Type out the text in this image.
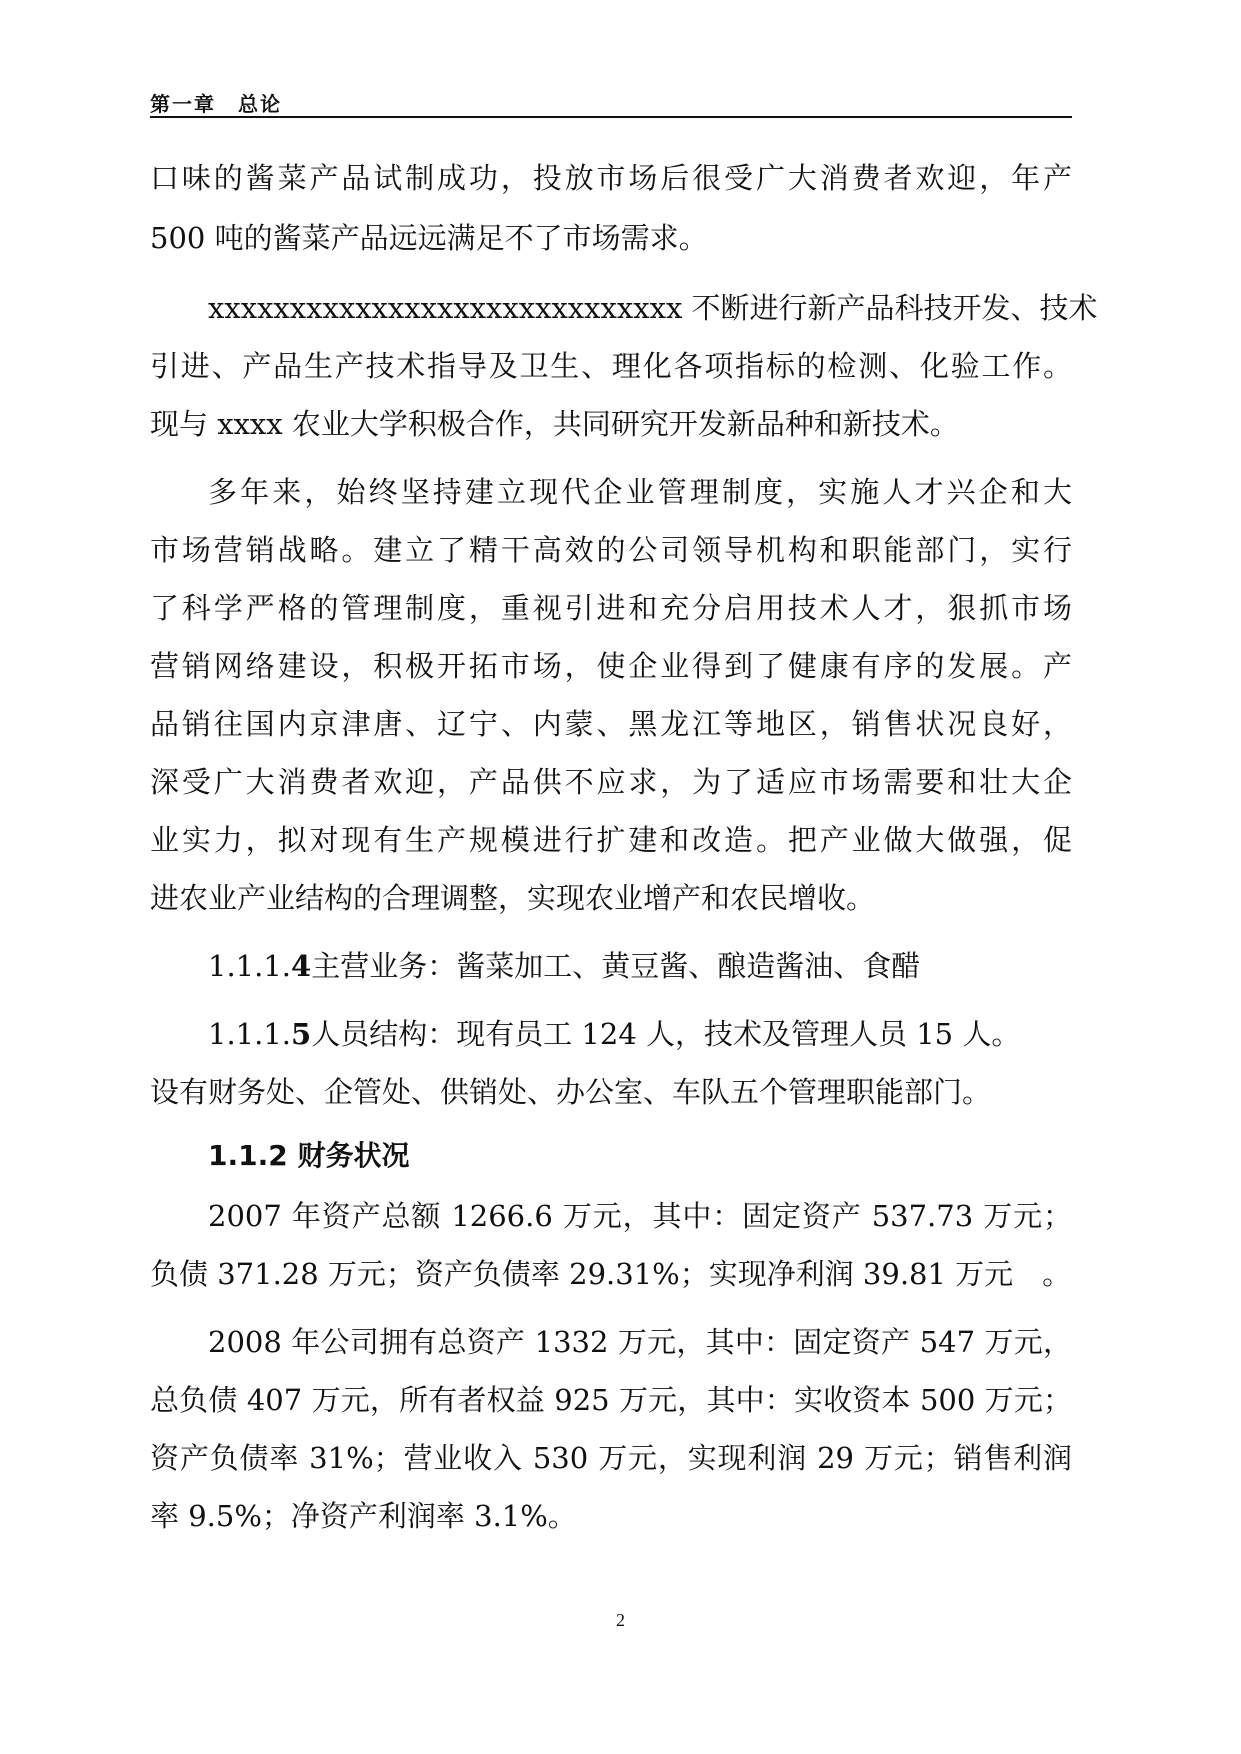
第一章　总论
口味的酱菜产品试制成功，投放市场后很受广大消费者欢迎，年产
500 吨的酱菜产品远远满足不了市场需求。
xxxxxxxxxxxxxxxxxxxxxxxxxxxxx 不断进行新产品科技开发、技术
引进、产品生产技术指导及卫生、理化各项指标的检测、化验工作。
现与 xxxx 农业大学积极合作，共同研究开发新品种和新技术。
多年来，始终坚持建立现代企业管理制度，实施人才兴企和大
市场营销战略。建立了精干高效的公司领导机构和职能部门，实行
了科学严格的管理制度，重视引进和充分启用技术人才，狠抓市场
营销网络建设，积极开拓市场，使企业得到了健康有序的发展。产
品销往国内京津唐、辽宁、内蒙、黑龙江等地区，销售状况良好，
深受广大消费者欢迎，产品供不应求，为了适应市场需要和壮大企
业实力，拟对现有生产规模进行扩建和改造。把产业做大做强，促
进农业产业结构的合理调整，实现农业增产和农民增收。
1.1.1.4主营业务：酱菜加工、黄豆酱、酿造酱油、食醋
1.1.1.5人员结构：现有员工 124 人，技术及管理人员 15 人。
设有财务处、企管处、供销处、办公室、车队五个管理职能部门。
1.1.2 财务状况
2007 年资产总额 1266.6 万元，其中：固定资产 537.73 万元；
负债 371.28 万元；资产负债率 29.31%；实现净利润 39.81 万元　。
2008 年公司拥有总资产 1332 万元，其中：固定资产 547 万元，
总负债 407 万元，所有者权益 925 万元，其中：实收资本 500 万元；
资产负债率 31%；营业收入 530 万元，实现利润 29 万元；销售利润
率 9.5%；净资产利润率 3.1%。
2
